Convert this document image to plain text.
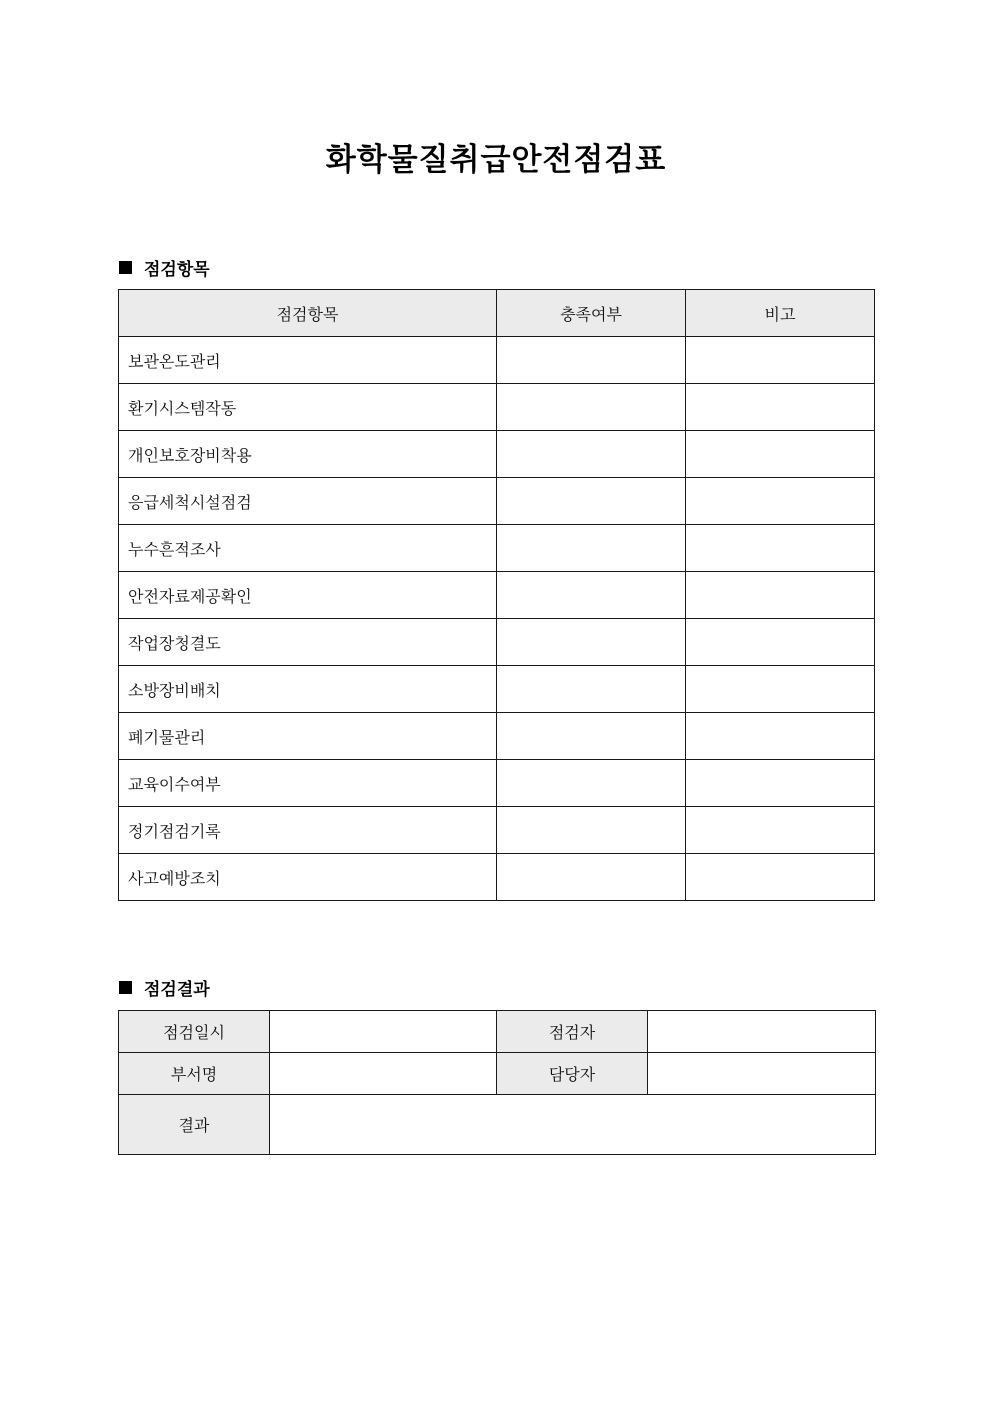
화학물질취급안전점검표
점검항목
점검항목	충족여부	비고
보관온도관리		
환기시스템작동		
개인보호장비착용		
응급세척시설점검		
누수흔적조사		
안전자료제공확인		
작업장청결도		
소방장비배치		
폐기물관리		
교육이수여부		
정기점검기록		
사고예방조치		
점검결과
점검일시		점검자	
부서명		담당자	
결과			
